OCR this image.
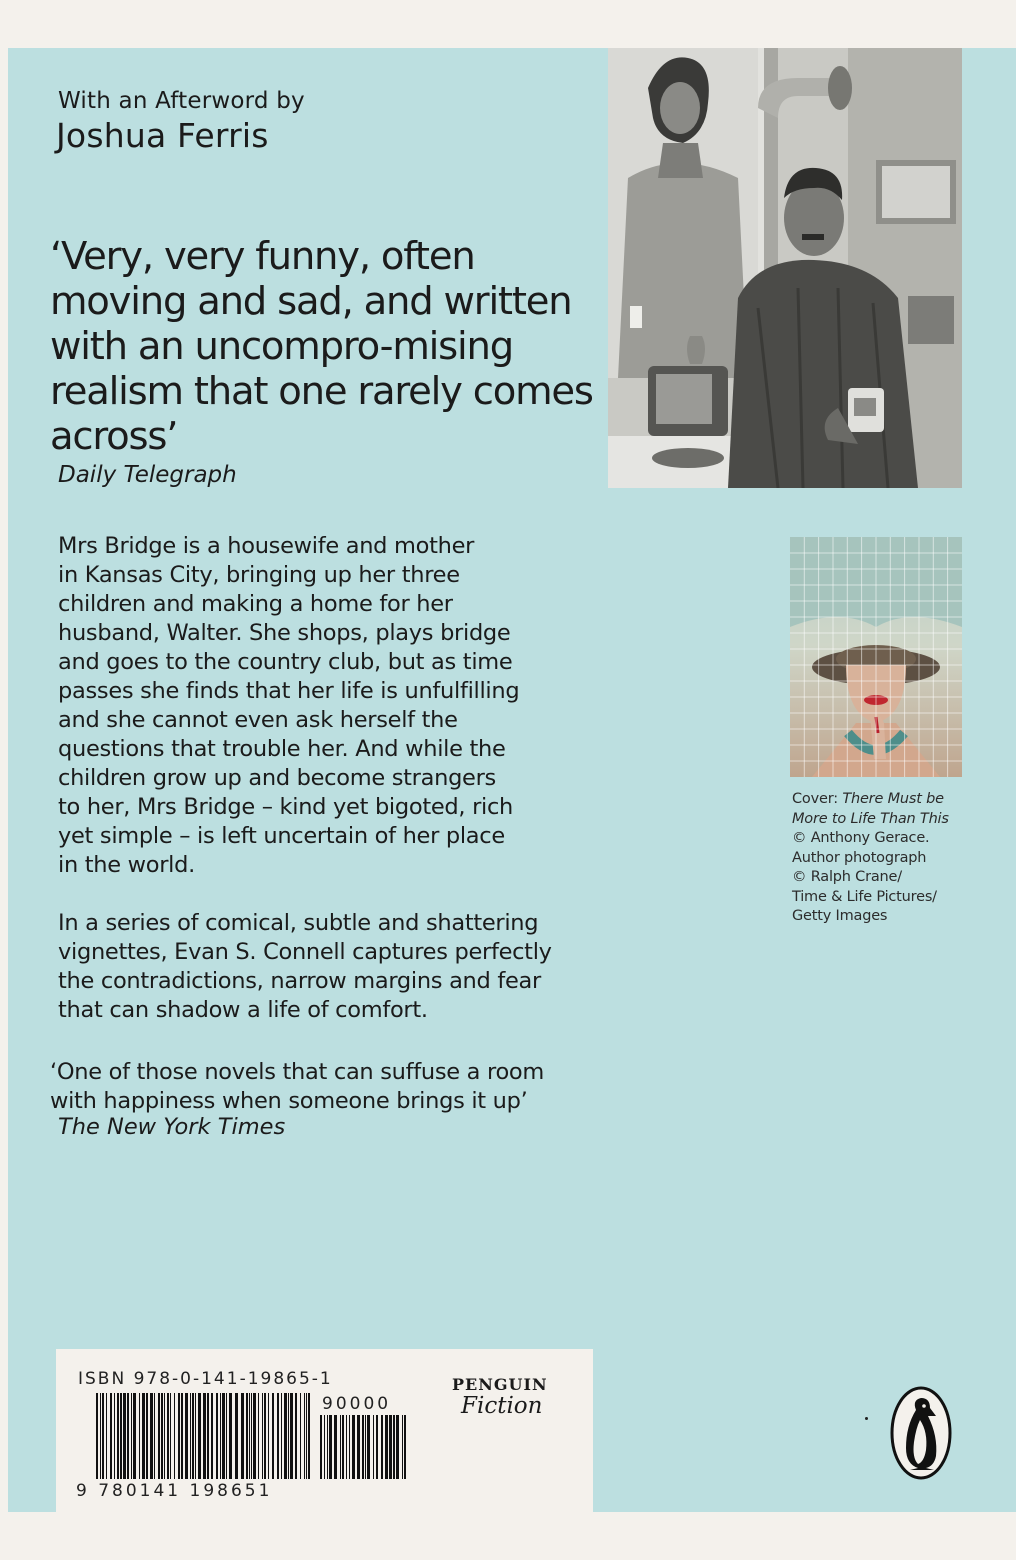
With an Afterword by

Joshua Ferris

‘Very, very funny, often moving and sad, and written with an uncompro-mising realism that one rarely comes across’

Daily Telegraph

Mrs Bridge is a housewife and mother
in Kansas City, bringing up her three
children and making a home for her
husband, Walter. She shops, plays bridge
and goes to the country club, but as time
passes she finds that her life is unfulfilling
and she cannot even ask herself the
questions that trouble her. And while the
children grow up and become strangers
to her, Mrs Bridge – kind yet bigoted, rich
yet simple – is left uncertain of her place
in the world.

In a series of comical, subtle and shattering
vignettes, Evan S. Connell captures perfectly
the contradictions, narrow margins and fear
that can shadow a life of comfort.

‘One of those novels that can suffuse a room
with happiness when someone brings it up’

The New York Times

Cover: There Must be
More to Life Than This
© Anthony Gerace.
Author photograph
© Ralph Crane/
Time & Life Pictures/
Getty Images

ISBN 978-0-141-19865-1

90000

9 780141 198651

PENGUIN

Fiction
